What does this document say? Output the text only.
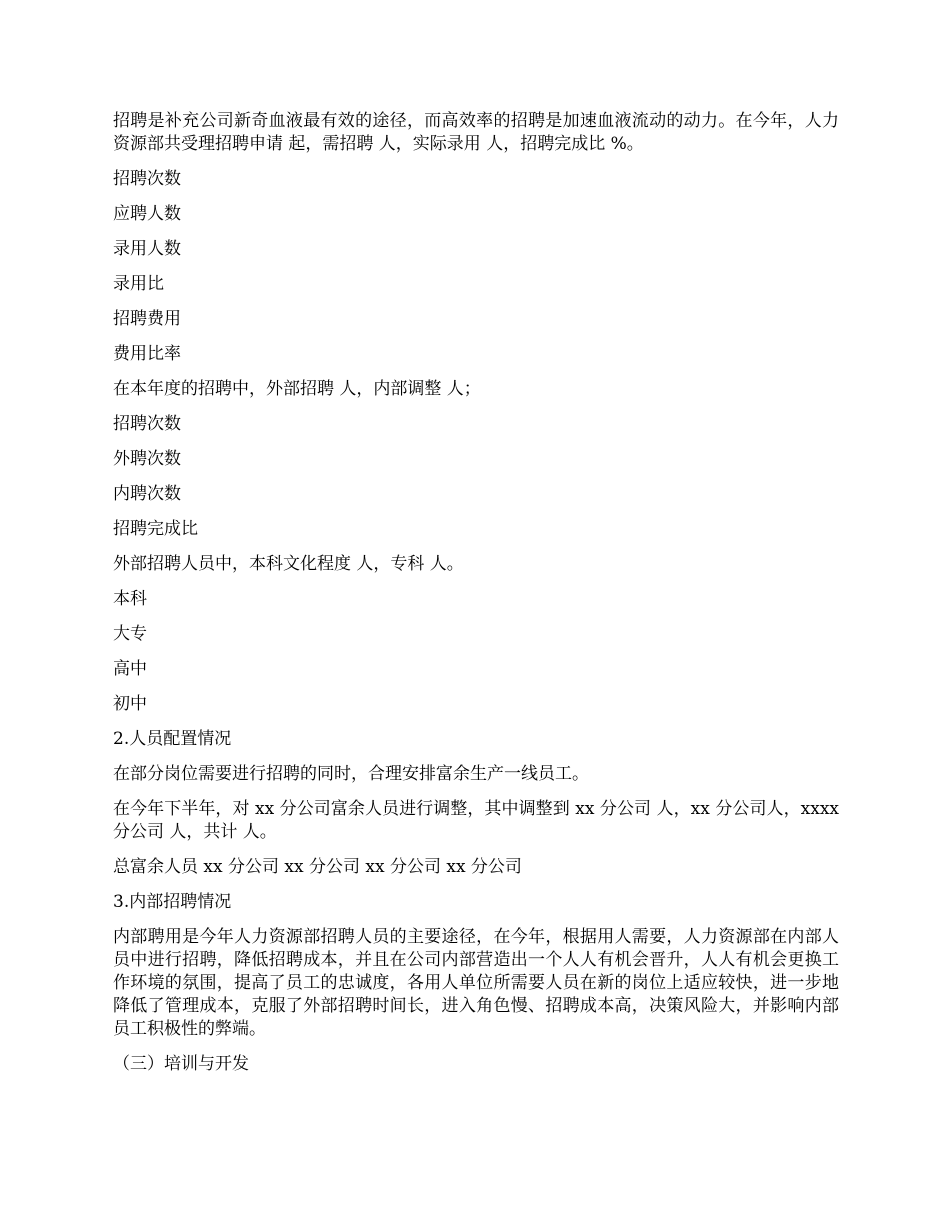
招聘是补充公司新奇血液最有效的途径，而高效率的招聘是加速血液流动的动力。在今年，人力资源部共受理招聘申请 起，需招聘 人，实际录用 人，招聘完成比 %。

招聘次数

应聘人数

录用人数

录用比

招聘费用

费用比率

在本年度的招聘中，外部招聘 人，内部调整 人；

招聘次数

外聘次数

内聘次数

招聘完成比

外部招聘人员中，本科文化程度 人，专科 人。

本科

大专

高中

初中

2.人员配置情况

在部分岗位需要进行招聘的同时，合理安排富余生产一线员工。

在今年下半年，对 xx 分公司富余人员进行调整，其中调整到 xx 分公司 人，xx 分公司人，xxxx 分公司 人，共计 人。

总富余人员 xx 分公司 xx 分公司 xx 分公司 xx 分公司

3.内部招聘情况

内部聘用是今年人力资源部招聘人员的主要途径，在今年，根据用人需要，人力资源部在内部人员中进行招聘，降低招聘成本，并且在公司内部营造出一个人人有机会晋升，人人有机会更换工作环境的氛围，提高了员工的忠诚度，各用人单位所需要人员在新的岗位上适应较快，进一步地降低了管理成本，克服了外部招聘时间长，进入角色慢、招聘成本高，决策风险大，并影响内部员工积极性的弊端。

（三）培训与开发
